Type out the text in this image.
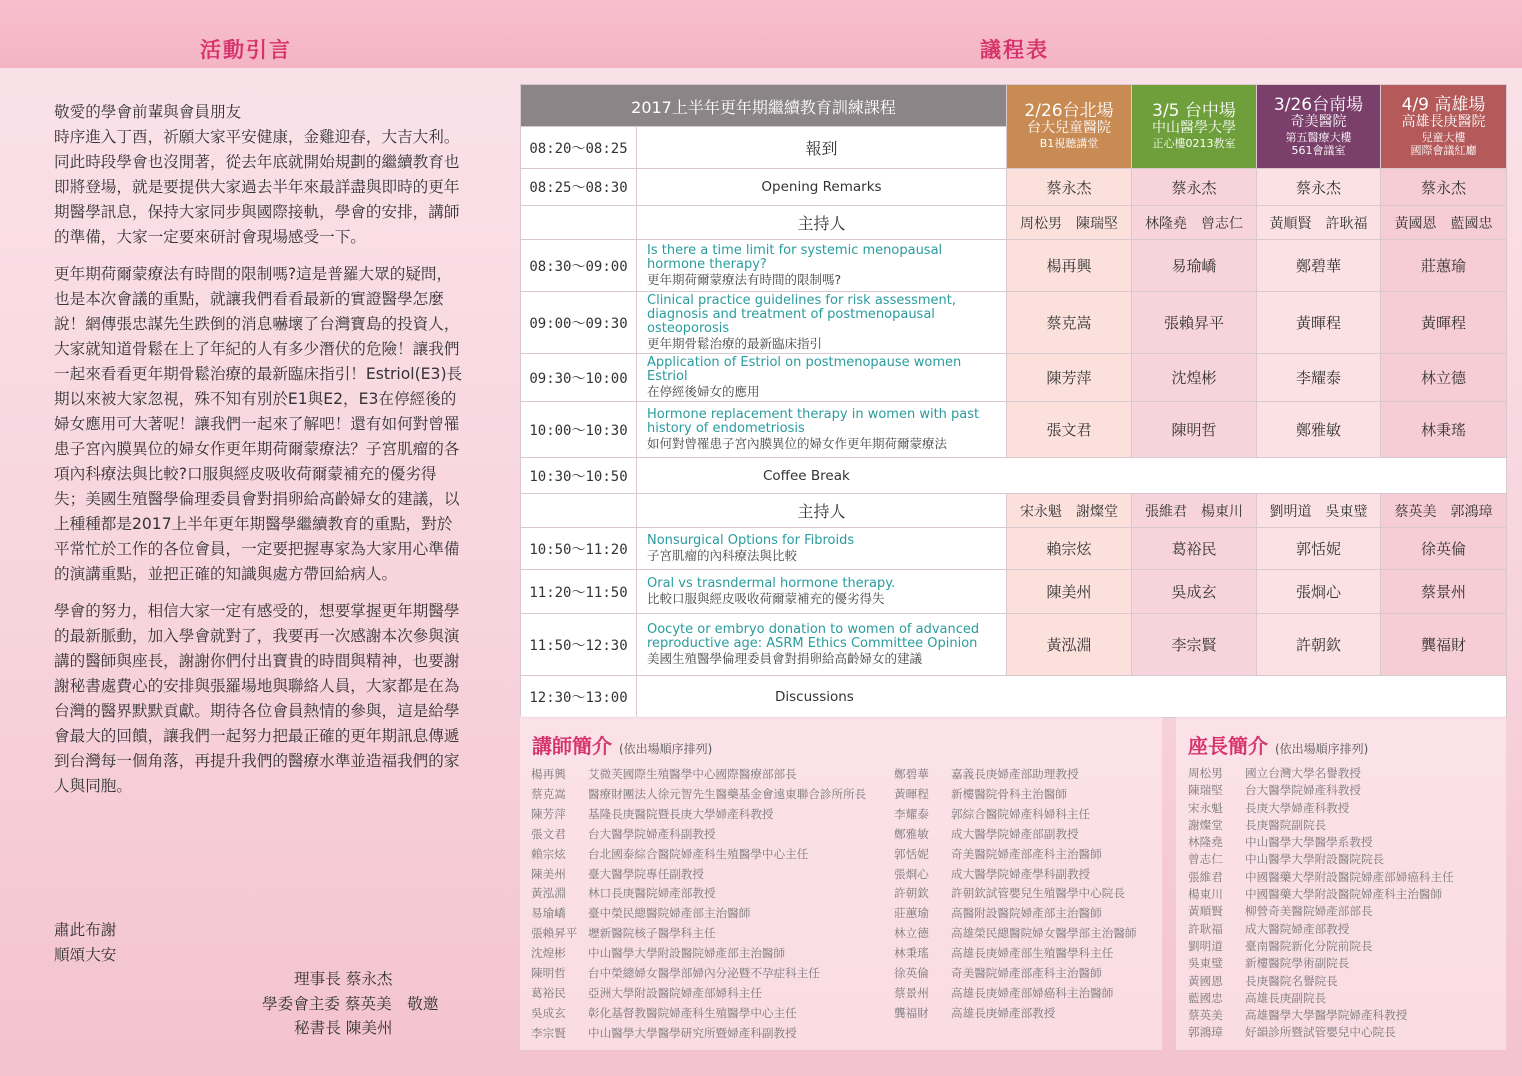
活動引言	議程表

敬愛的學會前輩與會員朋友
時序進入丁酉，祈願大家平安健康，金雞迎春，大吉大利。同此時段學會也沒閒著，從去年底就開始規劃的繼續教育也即將登場，就是要提供大家過去半年來最詳盡與即時的更年期醫學訊息，保持大家同步與國際接軌，學會的安排，講師的準備，大家一定要來研討會現場感受一下。

更年期荷爾蒙療法有時間的限制嗎?這是普羅大眾的疑問，也是本次會議的重點，就讓我們看看最新的實證醫學怎麼說！網傳張忠謀先生跌倒的消息嚇壞了台灣寶島的投資人，大家就知道骨鬆在上了年紀的人有多少潛伏的危險！讓我們一起來看看更年期骨鬆治療的最新臨床指引！Estriol(E3)長期以來被大家忽視，殊不知有別於E1與E2，E3在停經後的婦女應用可大著呢！讓我們一起來了解吧！還有如何對曾罹患子宮內膜異位的婦女作更年期荷爾蒙療法？子宮肌瘤的各項內科療法與比較?口服與經皮吸收荷爾蒙補充的優劣得失；美國生殖醫學倫理委員會對捐卵給高齡婦女的建議，以上種種都是2017上半年更年期醫學繼續教育的重點，對於平常忙於工作的各位會員，一定要把握專家為大家用心準備的演講重點，並把正確的知識與處方帶回給病人。

學會的努力，相信大家一定有感受的，想要掌握更年期醫學的最新脈動，加入學會就對了，我要再一次感謝本次參與演講的醫師與座長，謝謝你們付出寶貴的時間與精神，也要謝謝秘書處費心的安排與張羅場地與聯絡人員，大家都是在為台灣的醫界默默貢獻。期待各位會員熱情的參與，這是給學會最大的回饋，讓我們一起努力把最正確的更年期訊息傳遞到台灣每一個角落，再提升我們的醫療水準並造福我們的家人與同胞。

肅此布謝
順頌大安
理事長 蔡永杰
學委會主委 蔡英美　敬邀
秘書長 陳美州
2017上半年更年期繼續教育訓練課程	2/26台北場
台大兒童醫院
B1視聽講堂

3/5 台中場
中山醫學大學
正心樓0213教室

3/26台南場
奇美醫院
第五醫療大樓
561會議室

4/9 高雄場
高雄長庚醫院
兒童大樓
國際會議紅廳
08:20～08:25	報到
08:25～08:30	Opening Remarks	蔡永杰	蔡永杰	蔡永杰	蔡永杰
	主持人	周松男　陳瑞堅	林隆堯　曾志仁	黃順賢　許耿福	黃國恩　藍國忠
08:30～09:00	Is there a time limit for systemic menopausal hormone therapy?
更年期荷爾蒙療法有時間的限制嗎?	楊再興	易瑜嶠	鄭碧華	莊蕙瑜
09:00～09:30	Clinical practice guidelines for risk assessment, diagnosis and treatment of postmenopausal osteoporosis
更年期骨鬆治療的最新臨床指引	蔡克嵩	張賴昇平	黃暉程	黃暉程
09:30～10:00	Application of Estriol on postmenopause women Estriol
在停經後婦女的應用	陳芳萍	沈煌彬	李耀泰	林立德
10:00～10:30	Hormone replacement therapy in women with past history of endometriosis
如何對曾罹患子宮內膜異位的婦女作更年期荷爾蒙療法	張文君	陳明哲	鄭雅敏	林秉瑤
10:30～10:50	Coffee Break				
	主持人	宋永魁　謝燦堂	張維君　楊東川	劉明道　吳東璧	蔡英美　郭鴻璋
10:50～11:20	Nonsurgical Options for Fibroids
子宮肌瘤的內科療法與比較	賴宗炫	葛裕民	郭恬妮	徐英倫
11:20～11:50	Oral vs trasndermal hormone therapy.
比較口服與經皮吸收荷爾蒙補充的優劣得失	陳美州	吳成玄	張烱心	蔡景州
11:50～12:30	Oocyte or embryo donation to women of advanced reproductive age: ASRM Ethics Committee Opinion
美國生殖醫學倫理委員會對捐卵給高齡婦女的建議	黃泓淵	李宗賢	許朝欽	龔福財
12:30～13:00	Discussions				
講師簡介 (依出場順序排列)
楊再興	艾微芙國際生殖醫學中心國際醫療部部長
蔡克嵩	醫療財團法人徐元智先生醫藥基金會遠東聯合診所所長
陳芳萍	基隆長庚醫院暨長庚大學婦產科教授
張文君	台大醫學院婦產科副教授
賴宗炫	台北國泰綜合醫院婦產科生殖醫學中心主任
陳美州	臺大醫學院專任副教授
黃泓淵	林口長庚醫院婦產部教授
易瑜嶠	臺中榮民總醫院婦產部主治醫師
張賴昇平 壢新醫院核子醫學科主任
沈煌彬	中山醫學大學附設醫院婦產部主治醫師
陳明哲	台中榮總婦女醫學部婦內分泌暨不孕症科主任
葛裕民	亞洲大學附設醫院婦產部婦科主任
吳成玄	彰化基督教醫院婦產科生殖醫學中心主任
李宗賢	中山醫學大學醫學研究所暨婦產科副教授
鄭碧華	嘉義長庚婦產部助理教授
黃暉程	新樓醫院骨科主治醫師
李耀泰	郭綜合醫院婦產科婦科主任
鄭雅敏	成大醫學院婦產部副教授
郭恬妮	奇美醫院婦產部產科主治醫師
張烱心	成大醫學院婦產學科副教授
許朝欽	許朝欽試管嬰兒生殖醫學中心院長
莊蕙瑜	高醫附設醫院婦產部主治醫師
林立德	高雄榮民總醫院婦女醫學部主治醫師
林秉瑤	高雄長庚婦產部生殖醫學科主任
徐英倫	奇美醫院婦產部產科主治醫師
蔡景州	高雄長庚婦產部婦癌科主治醫師
龔福財	高雄長庚婦產部教授
座長簡介 (依出場順序排列)
周松男	國立台灣大學名譽教授
陳瑞堅	台大醫學院婦產科教授
宋永魁	長庚大學婦產科教授
謝燦堂	長庚醫院副院長
林隆堯	中山醫學大學醫學系教授
曾志仁	中山醫學大學附設醫院院長
張維君	中國醫藥大學附設醫院婦產部婦癌科主任
楊東川	中國醫藥大學附設醫院婦產科主治醫師
黃順賢	柳營奇美醫院婦產部部長
許耿福	成大醫院婦產部教授
劉明道	臺南醫院新化分院前院長
吳東璧	新樓醫院學術副院長
黃國恩	長庚醫院名譽院長
藍國忠	高雄長庚副院長
蔡英美	高雄醫學大學醫學院婦產科教授
郭鴻璋	好韻診所暨試管嬰兒中心院長
